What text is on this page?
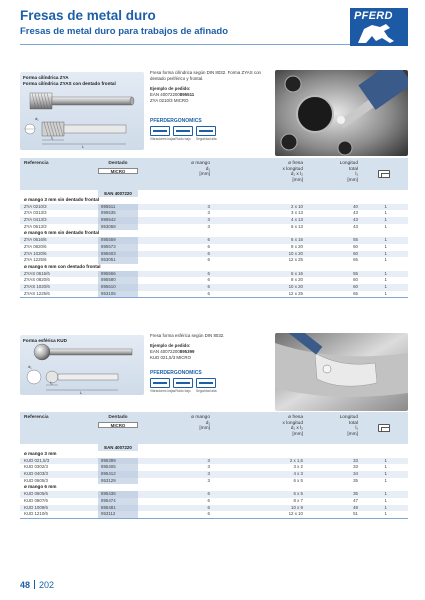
Fresas de metal duro
Fresas de metal duro para trabajos de afinado
PFERD
Forma cilíndrica ZYA
Forma cilíndrica ZYAS con dentado frontal
l₁
L
d₁
Fresa forma cilíndrica según DIN 8032. Forma ZYAS con dentado periférico y frontal.
Ejemplo de pedido:
EAN 40072200895511
ZYA 0210/3 MICRO
PFERDERGONOMICS
Vibraciones bajas Ruido bajo	Seguridad alta
Referencia	Dentado
MICRO
ø mango
d₁
[mm]
ø fresa
x longitud
d₁ x l₂
[mm]
Longitud
total
l₁
[mm]
EAN 4007220
ø mango 3 mm sin dentado frontal
ZYA 0210/3	895511	3	2 x 10	40	1
ZYA 0313/3	895535	3	3 x 13	43	1
ZYA 0413/3	895542	3	4 x 13	43	1
ZYA 0613/3	953068	3	6 x 13	43	1
ø mango 6 mm sin dentado frontal
ZYA 0616/6	895559	6	6 x 16	55	1
ZYA 0820/6	895573	6	8 x 20	60	1
ZYA 1020/6	895603	6	10 x 20	60	1
ZYA 1225/6	953051	6	12 x 25	65	1
ø mango 6 mm con dentado frontal
ZYAS 0616/6	895566	6	6 x 16	55	1
ZYAS 0820/6	895580	6	8 x 20	60	1
ZYAS 1020/6	895610	6	10 x 20	60	1
ZYAS 1225/6	953105	6	12 x 25	65	1
Forma esférica KUD
l₂
L
d₁
Fresa forma esférica según DIN 8032.
Ejemplo de pedido:
EAN 40072200895399
KUD 021,5/3 MICRO
PFERDERGONOMICS
Vibraciones bajas Ruido bajo	Seguridad alta
Referencia	Dentado
MICRO
ø mango
d₁
[mm]
ø fresa
x longitud
d₁ x l₂
[mm]
Longitud
total
l₁
[mm]
EAN 4007220
ø mango 3 mm
KUD 021,5/3	895399	3	2 x 1,5	33	1
KUD 0302/3	895405	3	3 x 2	33	1
KUD 0403/3	895412	3	4 x 3	34	1
KUD 0605/3	953129	3	6 x 5	35	1
ø mango 6 mm
KUD 0605/6	895436	6	6 x 5	35	1
KUD 0807/6	895474	6	8 x 7	47	1
KUD 1009/6	895481	6	10 x 9	49	1
KUD 1210/6	953112	6	12 x 10	51	1
48 202
